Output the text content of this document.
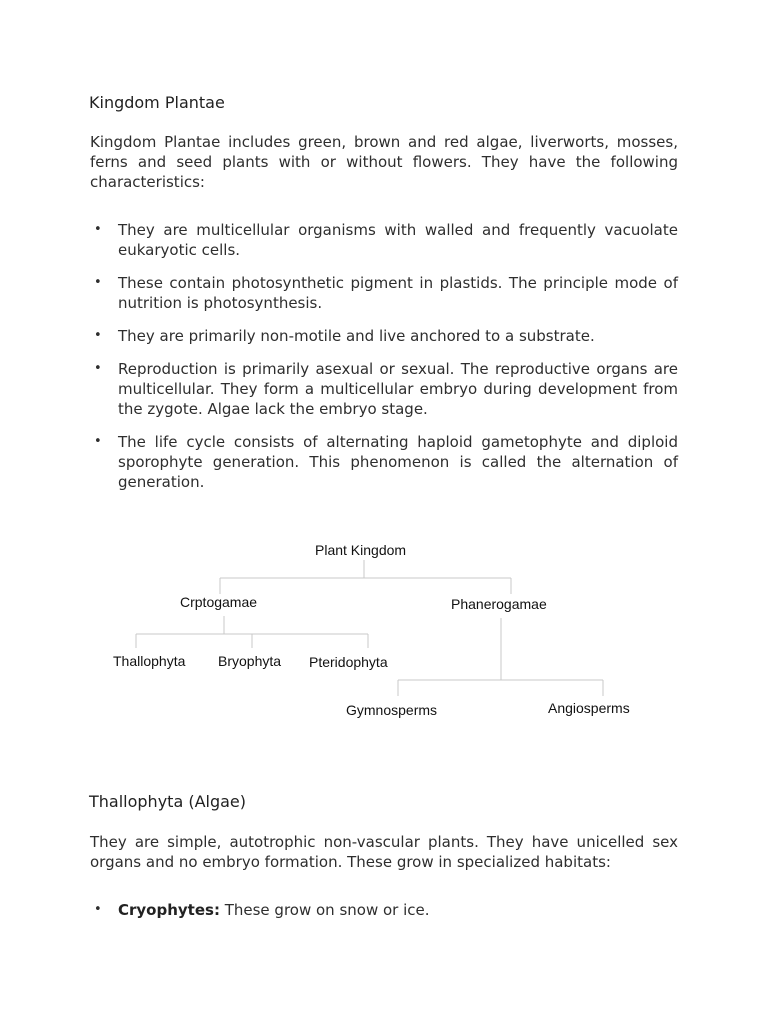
Kingdom Plantae

Kingdom Plantae includes green, brown and red algae, liverworts, mosses, ferns and seed plants with or without flowers. They have the following characteristics:

• They are multicellular organisms with walled and frequently vacuolate eukaryotic cells.
• These contain photosynthetic pigment in plastids. The principle mode of nutrition is photosynthesis.
• They are primarily non-motile and live anchored to a substrate.
• Reproduction is primarily asexual or sexual. The reproductive organs are multicellular. They form a multicellular embryo during development from the zygote. Algae lack the embryo stage.
• The life cycle consists of alternating haploid gametophyte and diploid sporophyte generation. This phenomenon is called the alternation of generation.
Plant Kingdom
Crptogamae	Phanerogamae
Thallophyta Bryophyta Pteridophyta
Gymnosperms	Angiosperms
Thallophyta (Algae)

They are simple, autotrophic non-vascular plants. They have unicelled sex organs and no embryo formation. These grow in specialized habitats:

• Cryophytes: These grow on snow or ice.
